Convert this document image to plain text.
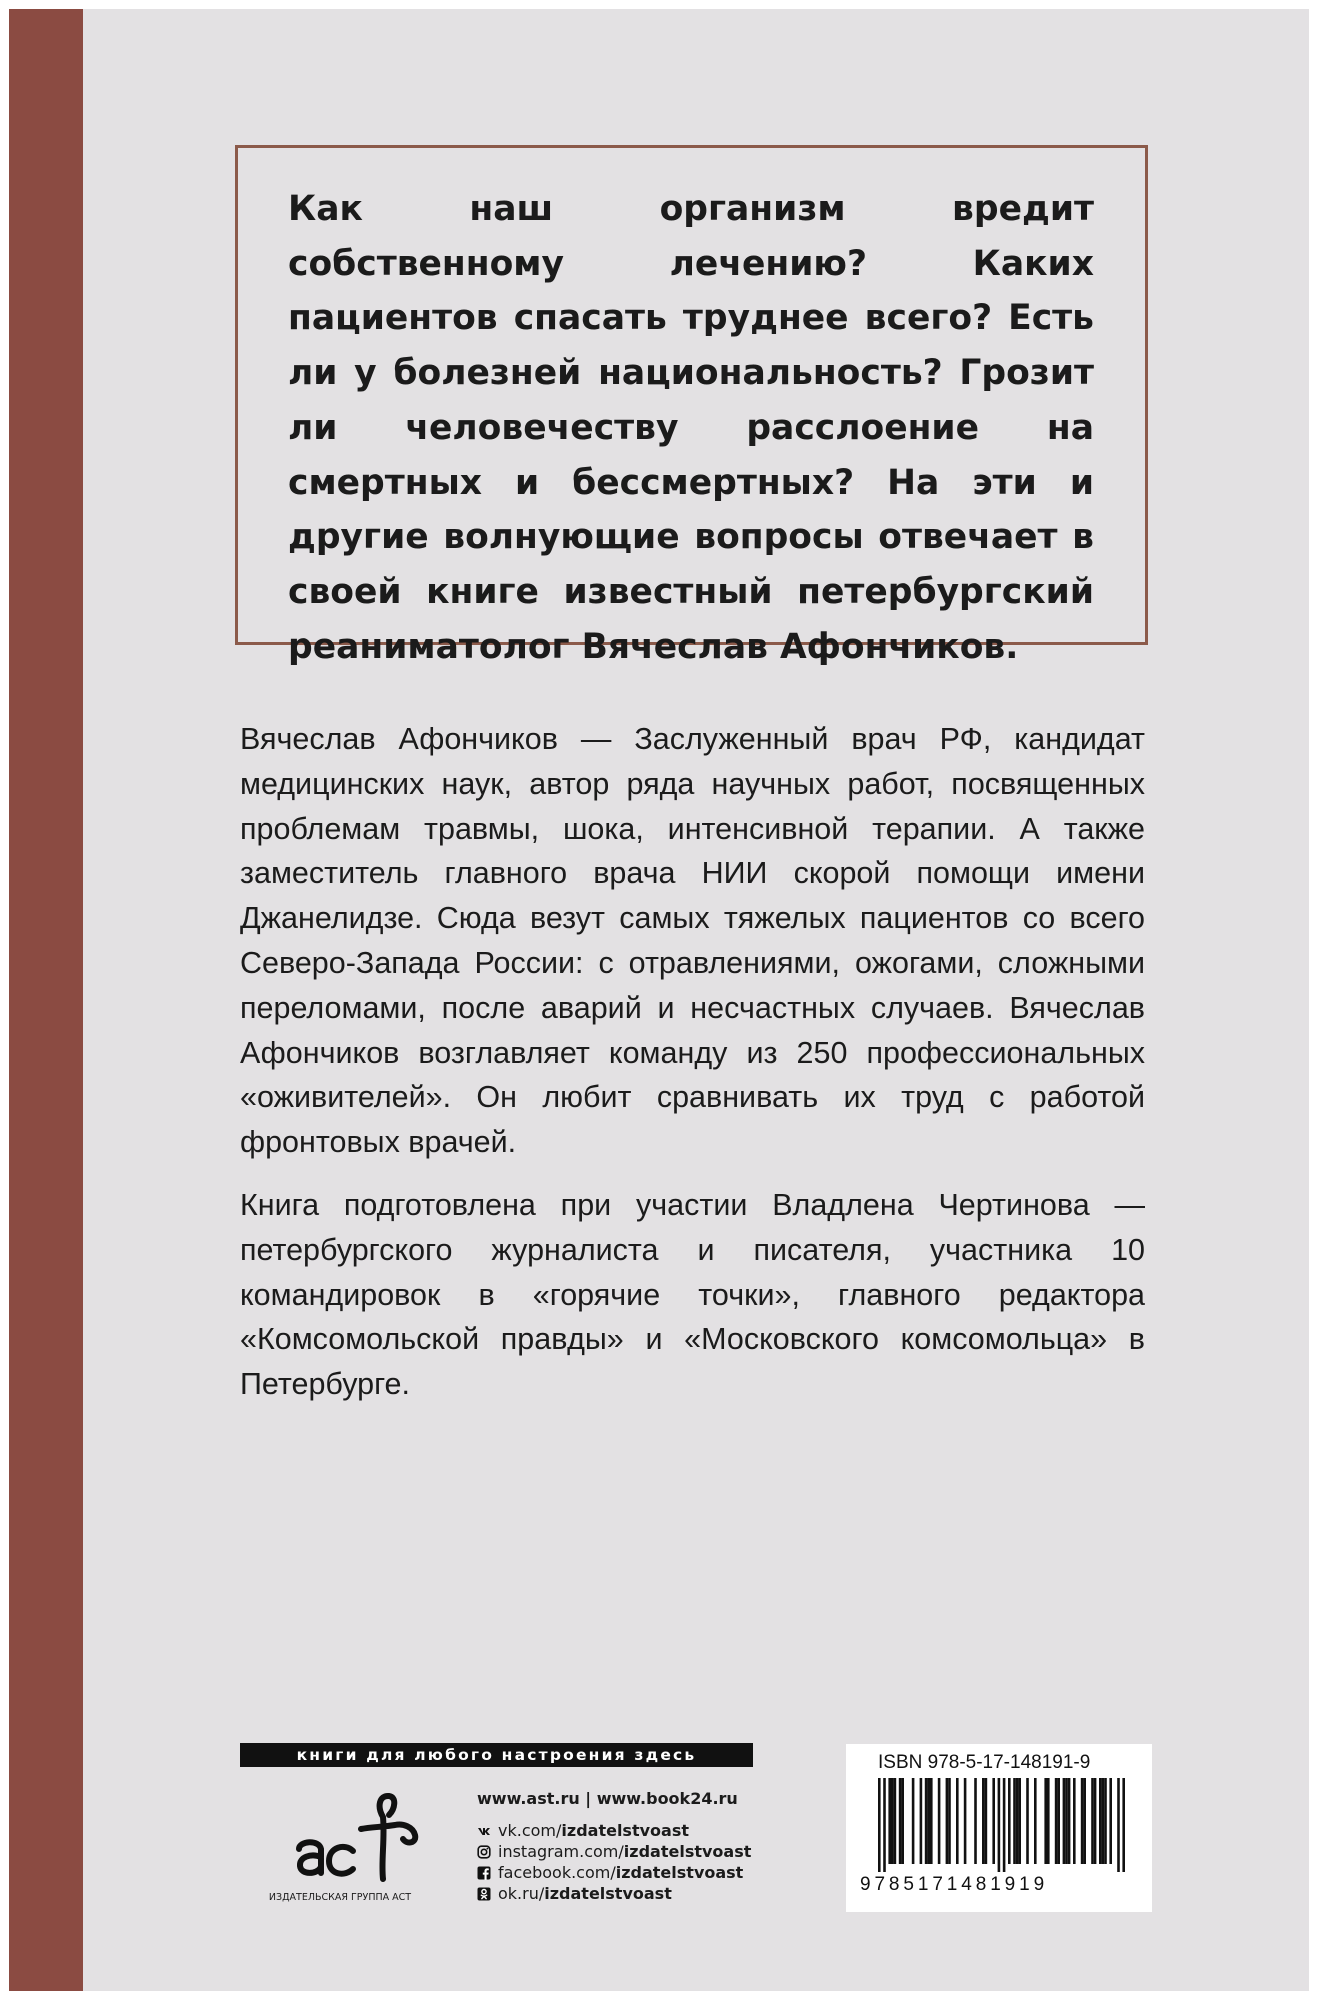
Как наш организм вредит собственному лечению? Каких пациентов спасать труднее всего? Есть ли у болезней национальность? Грозит ли человечеству расслоение на смертных и бессмертных? На эти и другие волнующие вопросы отвечает в своей книге известный петербургский реаниматолог Вячеслав Афончиков.

Вячеслав Афончиков — Заслуженный врач РФ, кандидат медицинских наук, автор ряда научных работ, посвященных проблемам травмы, шока, интенсивной терапии. А также заместитель главного врача НИИ скорой помощи имени Джанелидзе. Сюда везут самых тяжелых пациентов со всего Северо-Запада России: с отравлениями, ожогами, сложными переломами, после аварий и несчастных случаев. Вячеслав Афончиков возглавляет команду из 250 профессиональных «оживителей». Он любит сравнивать их труд с работой фронтовых врачей.

Книга подготовлена при участии Владлена Чертинова — петербургского журналиста и писателя, участника 10 командировок в «горячие точки», главного редактора «Комсомольской правды» и «Московского комсомольца» в Петербурге.

книги для любого настроения здесь
ИЗДАТЕЛЬСКАЯ ГРУППА АСТ
www.ast.ru | www.book24.ru
vk.com/ izdatelstvoast
instagram.com/ izdatelstvoast
facebook.com/ izdatelstvoast
ok.ru/ izdatelstvoast
ISBN 978-5-17-148191-9
9785171481919
